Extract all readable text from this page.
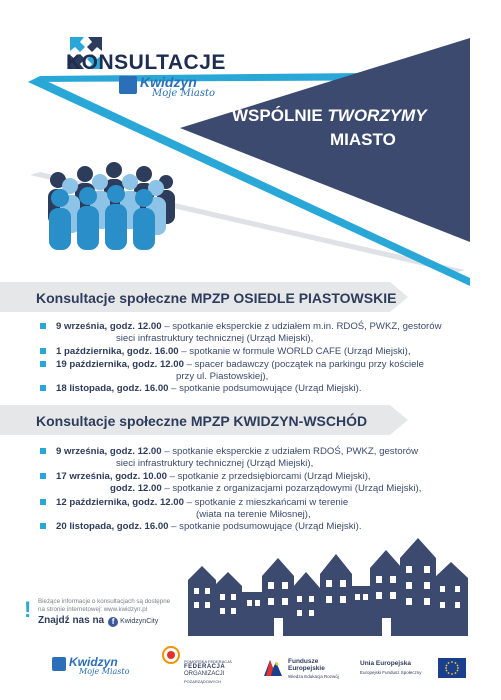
KONSULTACJE
Kwidzyn
Moje Miasto
WSPÓLNIE TWORZYMY
MIASTO
Konsultacje społeczne MPZP OSIEDLE PIASTOWSKIE
9 września, godz. 12.00 – spotkanie eksperckie z udziałem m.in. RDOŚ, PWKZ, gestorów
sieci infrastruktury technicznej (Urząd Miejski),
1 października, godz. 16.00 – spotkanie w formule WORLD CAFE (Urząd Miejski),
19 października, godz. 12.00 – spacer badawczy (początek na parkingu przy kościele
przy ul. Piastowskiej),
18 listopada, godz. 16.00 – spotkanie podsumowujące (Urząd Miejski).
Konsultacje społeczne MPZP KWIDZYN-WSCHÓD
9 września, godz. 12.00 – spotkanie eksperckie z udziałem RDOŚ, PWKZ, gestorów
sieci infrastruktury technicznej (Urząd Miejski),
17 września, godz. 10.00 – spotkanie z przedsiębiorcami (Urząd Miejski),
godz. 12.00 – spotkanie z organizacjami pozarządowymi (Urząd Miejski),
12 października, godz. 12.00 – spotkanie z mieszkańcami w terenie
(wiata na terenie Miłosnej),
20 listopada, godz. 16.00 – spotkanie podsumowujące (Urząd Miejski).
! Bieżące informacje o konsultacjach są dostępne na stronie internetowej: www.kwidzyn.pl
Znajdź nas na f KwidzynCity
Kwidzyn
Moje Miasto
POMORSKA FEDERACJA
FEDERACJA
ORGANIZACJI
POZARZĄDOWYCH
Fundusze
Europejskie
Wiedza Edukacja Rozwój
Unia Europejska
Europejski Fundusz Społeczny
